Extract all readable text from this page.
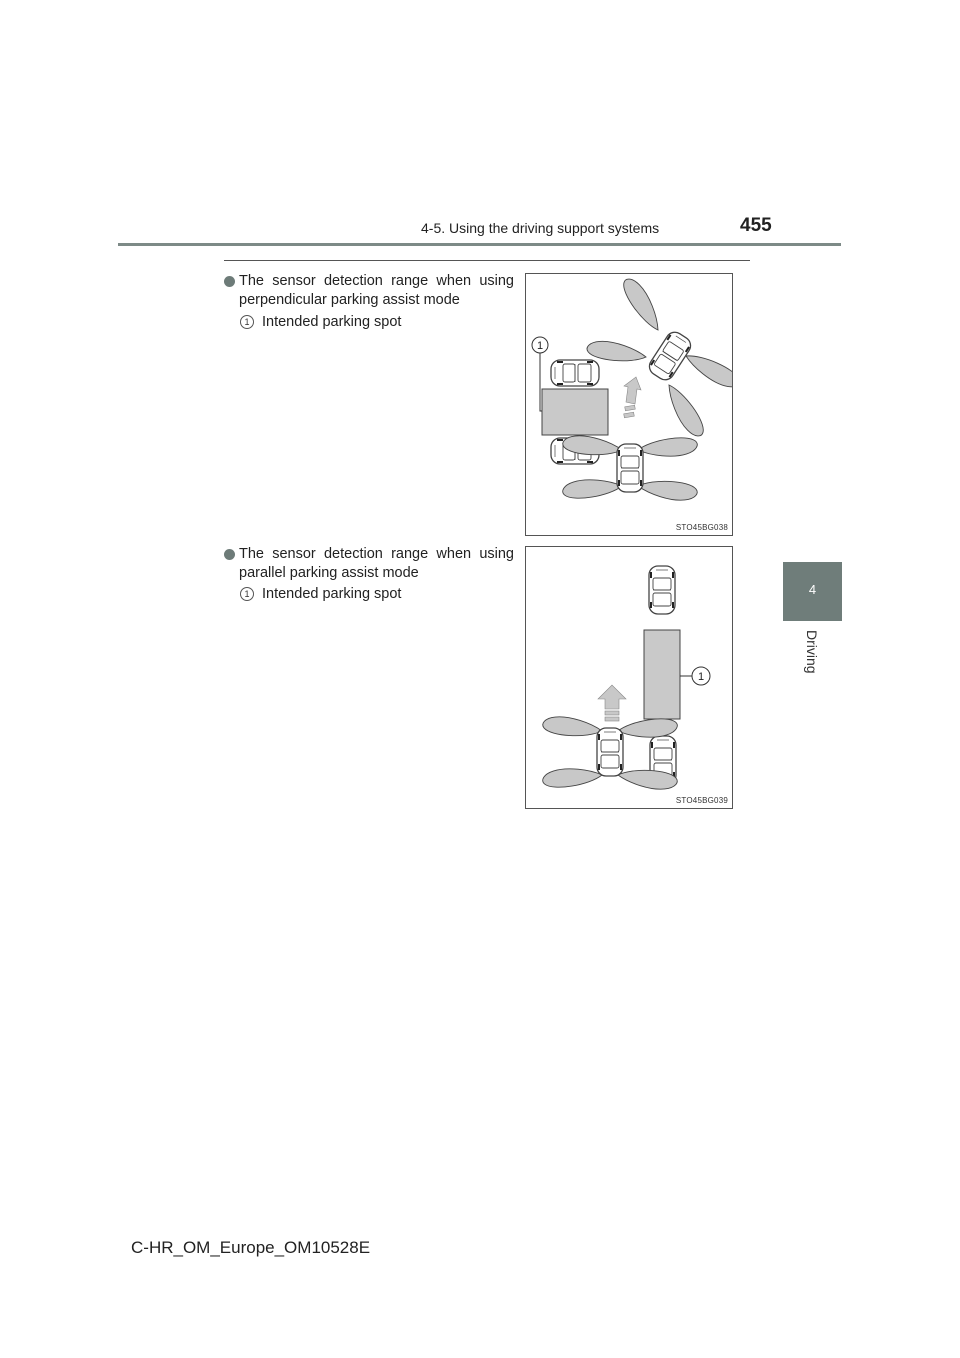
4-5. Using the driving support systems	455
4
Driving
The sensor detection range when using perpendicular parking assist mode
1 Intended parking spot
1
STO45BG038
The sensor detection range when using parallel parking assist mode
1 Intended parking spot
1
STO45BG039
C-HR_OM_Europe_OM10528E
